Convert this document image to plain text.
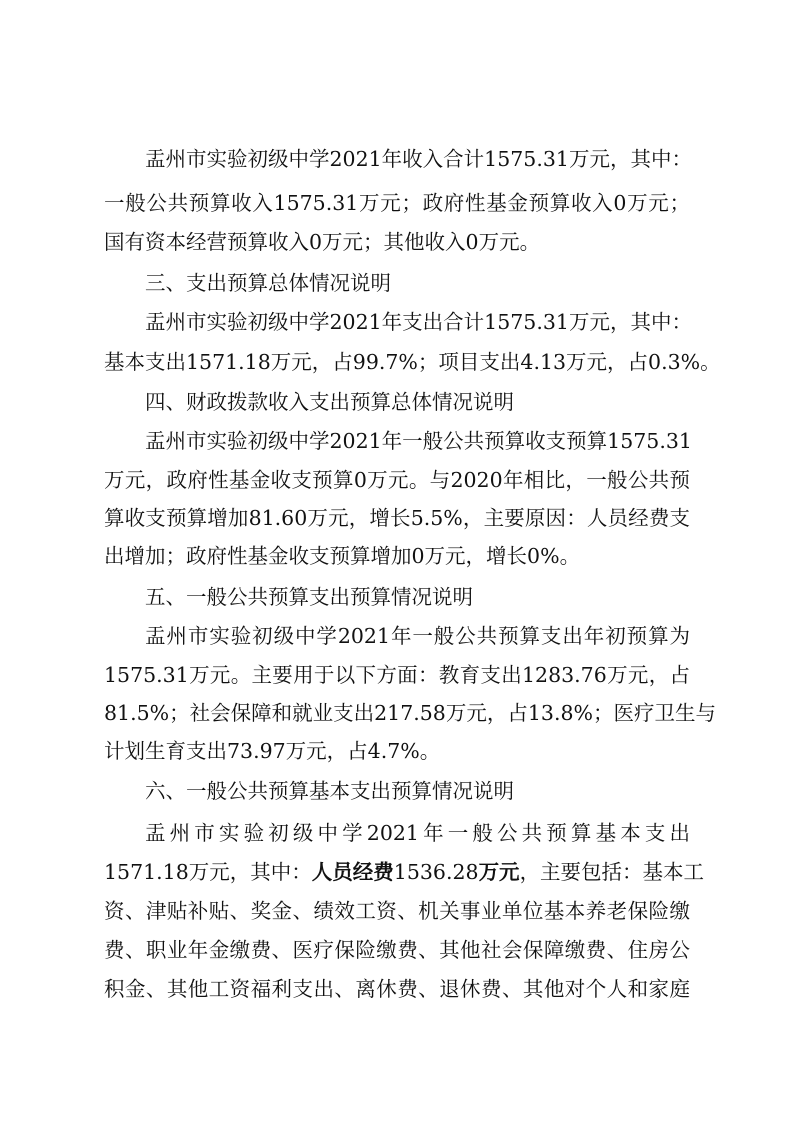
盂州市实验初级中学2021年收入合计1575.31万元，其中：
一般公共预算收入1575.31万元；政府性基金预算收入0万元；
国有资本经营预算收入0万元；其他收入0万元。
三、支出预算总体情况说明
盂州市实验初级中学2021年支出合计1575.31万元，其中：
基本支出1571.18万元，占99.7%；项目支出4.13万元，占0.3%。
四、财政拨款收入支出预算总体情况说明
盂州市实验初级中学2021年一般公共预算收支预算1575.31
万元，政府性基金收支预算0万元。与2020年相比，一般公共预
算收支预算增加81.60万元，增长5.5%，主要原因：人员经费支
出增加；政府性基金收支预算增加0万元，增长0%。
五、一般公共预算支出预算情况说明
盂州市实验初级中学2021年一般公共预算支出年初预算为
1575.31万元。主要用于以下方面：教育支出1283.76万元，占
81.5%；社会保障和就业支出217.58万元，占13.8%；医疗卫生与
计划生育支出73.97万元，占4.7%。
六、一般公共预算基本支出预算情况说明
盂州市实验初级中学2021年一般公共预算基本支出
1571.18万元，其中：人员经费1536.28万元，主要包括：基本工
资、津贴补贴、奖金、绩效工资、机关事业单位基本养老保险缴
费、职业年金缴费、医疗保险缴费、其他社会保障缴费、住房公
积金、其他工资福利支出、离休费、退休费、其他对个人和家庭
